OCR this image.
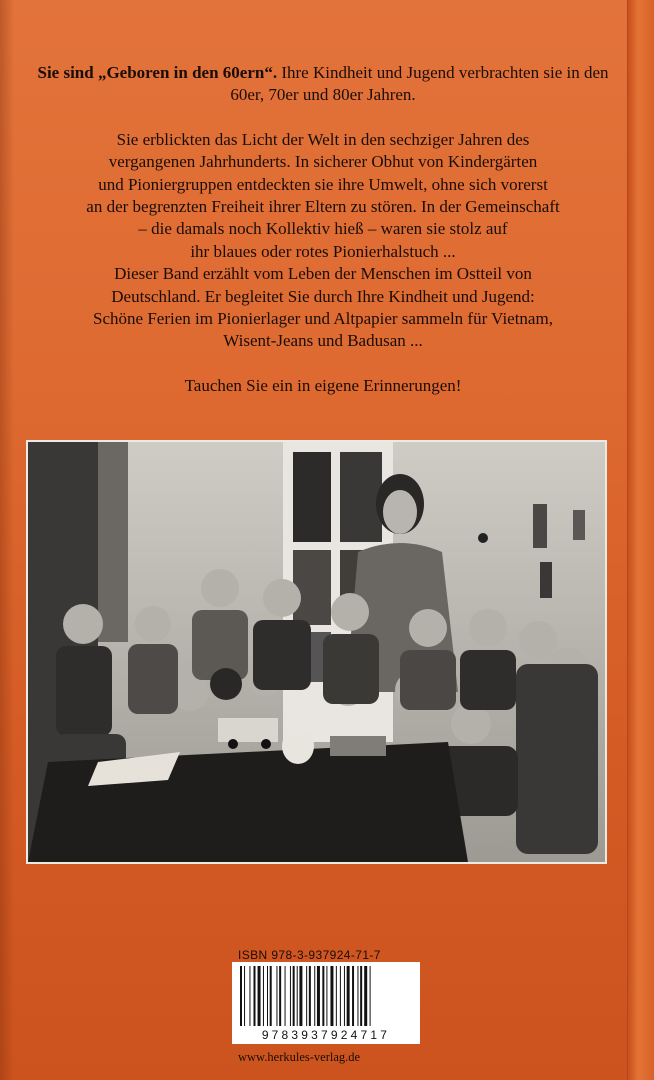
Sie sind „Geboren in den 60ern“. Ihre Kindheit und Jugend verbrachten sie in den 60er, 70er und 80er Jahren.

Sie erblickten das Licht der Welt in den sechziger Jahren des
vergangenen Jahrhunderts. In sicherer Obhut von Kindergärten
und Pioniergruppen entdeckten sie ihre Umwelt, ohne sich vorerst
an der begrenzten Freiheit ihrer Eltern zu stören. In der Gemeinschaft
– die damals noch Kollektiv hieß – waren sie stolz auf
ihr blaues oder rotes Pionierhalstuch ...

Dieser Band erzählt vom Leben der Menschen im Ostteil von
Deutschland. Er begleitet Sie durch Ihre Kindheit und Jugend:
Schöne Ferien im Pionierlager und Altpapier sammeln für Vietnam,
Wisent-Jeans und Badusan ...

Tauchen Sie ein in eigene Erinnerungen!

ISBN 978-3-937924-71-7
9783937924717
www.herkules-verlag.de
